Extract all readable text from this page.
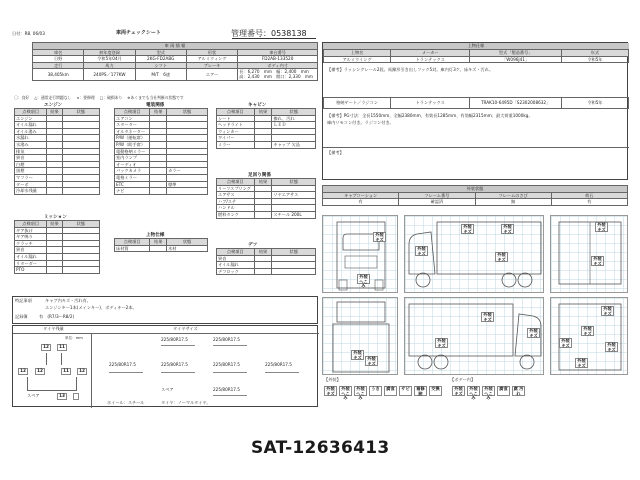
日付：R8. 06/03	車両チェックシート	管理番号：0538138
車 両 情 報				
車名	初年度登録	型式	形状	車台番号
日野	令和5年04月	2KG-FD2ABG	アルミウィング	FD2AB-133520
走行	馬力	シフト	ブレーキ	ボディ内寸
38,405km	240PS／177KW	M/T　 6速	エアー	長：6,270　mm　幅：2,400　mm
高：2,430　mm　開口：2,330　mm
〇：良好　 △：通常走行問題なし　 ×：要修理　 □：破損あり　 ※あくまでも当社判断の状態です
エンジン
点検項目	結果	状態
エンジン		
オイル漏れ		
オイル滲み		
水漏れ		
水滲み		
排気		
異音		
白煙		
黒煙		
マフラー		
ターボ		
冷却水残量		
ミッション
点検項目	結果	状態
ギア抜け		
ギア鳴り		
クラッチ		
異音		
オイル漏れ		
リターダー		
PTO		
電装関係
点検項目	結果	状態
エアコン		
スターター		
オルタネーター		
P/W（運転席）		
P/W（助手席）		
電動格納ミラー		
室内ランプ		
オーディオ		
バックカメラ		カラー
電格ミラー		
ETC		標準
ナビ		
上物仕様
点検項目	結果	状態
床材質		木材
キャビン
点検項目	結果	状態
シート		擦れ、汚れ
ヘッドライト		ＬＥＤ
ウィンカー		
ワイパー		
ミラー		キャップ 欠品
足回り関係
点検項目	結果	状態
リーフスプリング		
エアサス		リヤエアサス
ハブ/ステ		
ハンドル		
燃料タンク		スチール 200L
デフ
点検項目	結果	状態
異音		
オイル漏れ		
デフロック		
特記事項	キャブ内キズ・汚れ有。
エンジンキー1本(メインキー)、ボディキー2本。
記録簿	有　(R7/3〜R8/2)
タイヤ残量	タイヤサイズ
単位：mm
12	11
12	12	11	12
スペア	13
225/80R17.5	225/80R17.5
225/80R17.5	225/80R17.5	225/80R17.5	225/80R17.5
スペア	225/80R17.5
ホイール：スチール	タイヤ：ノーマルタイヤ。
上物仕様
上物名	メーカー	型式「製造番号」	年式
アルミウイング	トランテックス	「W096J41」	令和5年
【備考】ラッシングレール2段。馬蹄形引き出しフック5対。庫内灯3ケ。床キズ・汚れ。
格納ゲート／ラジコン	トランテックス	TRAK10-6495D「S2302008632」	令和5年
【備考】PG寸法：全長1550mm、全幅2380mm、有効長1285mm、有効幅2315mm、最大荷重1000kg。
庫内リモコン付き。ラジコン付き。
【備考】
外装状態			
キャブコーション	フレーム番号	フレームのさび	荷石
有	確認済	無	有
外装 キズ
外装 へこみ
外装 キズ
外装 キズ
外装 キズ
外装 キズ
外装 キズ
外装 キズ
外装 キズ	外装 キズ
外装 キズ
外装 キズ
外装 キズ
外装 キズ
外装 キズ
外装 キズ
外装 キズ
外装 キズ
【外装】	【ボデー内】
外装 キズ
外装 へこみ
外装 へこみ
うき	腐食	サビ	補修 跡
交換	外装 キズ
外装 へこみ
外装 へこみ
腐食	腐 汚れ
SAT-12636413
